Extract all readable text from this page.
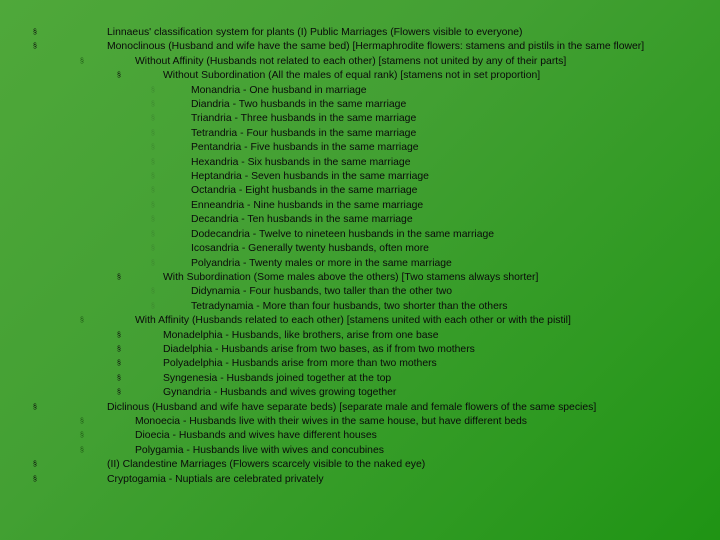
§	Linnaeus' classification system for plants (I) Public Marriages (Flowers visible to everyone)
§	Monoclinous (Husband and wife have the same bed) [Hermaphrodite flowers: stamens and pistils in the same flower]
§	Without Affinity (Husbands not related to each other) [stamens not united by any of their parts]
§	Without Subordination (All the males of equal rank) [stamens not in set proportion]
§	Monandria - One husband in marriage
§	Diandria - Two husbands in the same marriage
§	Triandria - Three husbands in the same marriage
§	Tetrandria - Four husbands in the same marriage
§	Pentandria - Five husbands in the same marriage
§	Hexandria - Six husbands in the same marriage
§	Heptandria - Seven husbands in the same marriage
§	Octandria - Eight husbands in the same marriage
§	Enneandria - Nine husbands in the same marriage
§	Decandria - Ten husbands in the same marriage
§	Dodecandria - Twelve to nineteen husbands in the same marriage
§	Icosandria - Generally twenty husbands, often more
§	Polyandria - Twenty males or more in the same marriage
§	With Subordination (Some males above the others) [Two stamens always shorter]
§	Didynamia - Four husbands, two taller than the other two
§	Tetradynamia - More than four husbands, two shorter than the others
§	With Affinity (Husbands related to each other) [stamens united with each other or with the pistil]
§	Monadelphia - Husbands, like brothers, arise from one base
§	Diadelphia - Husbands arise from two bases, as if from two mothers
§	Polyadelphia - Husbands arise from more than two mothers
§	Syngenesia - Husbands joined together at the top
§	Gynandria - Husbands and wives growing together
§	Diclinous (Husband and wife have separate beds) [separate male and female flowers of the same species]
§	Monoecia - Husbands live with their wives in the same house, but have different beds
§	Dioecia - Husbands and wives have different houses
§	Polygamia - Husbands live with wives and concubines
§	(II) Clandestine Marriages (Flowers scarcely visible to the naked eye)
§	Cryptogamia - Nuptials are celebrated privately
